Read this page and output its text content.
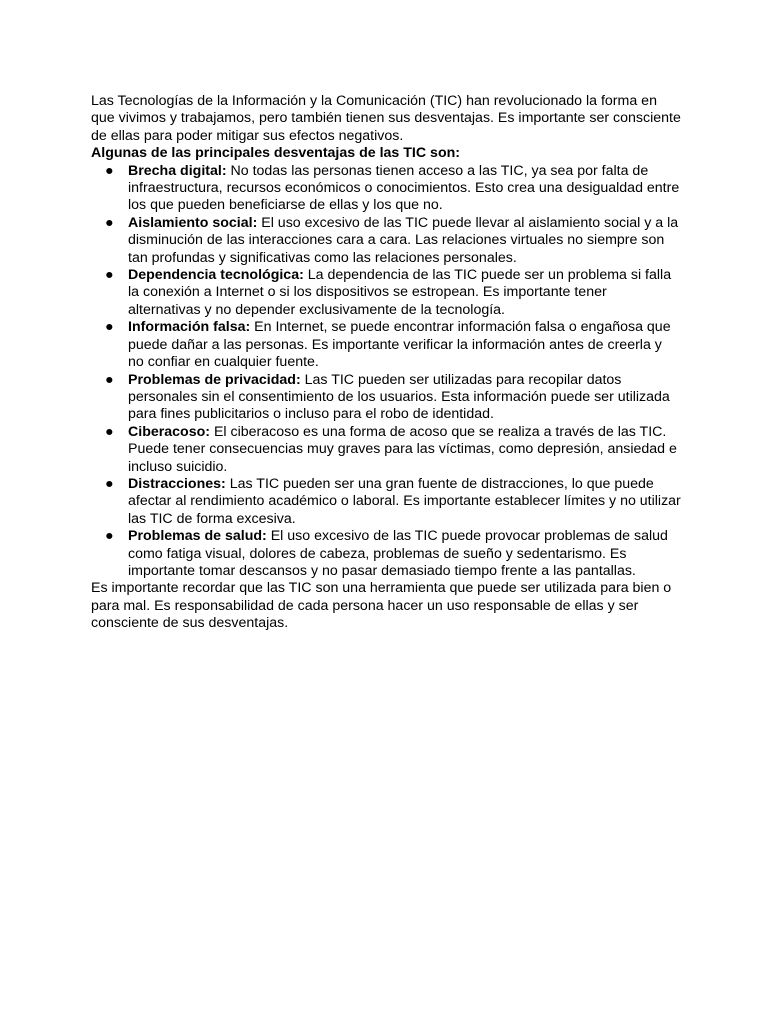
Las Tecnologías de la Información y la Comunicación (TIC) han revolucionado la forma en que vivimos y trabajamos, pero también tienen sus desventajas. Es importante ser consciente de ellas para poder mitigar sus efectos negativos.

Algunas de las principales desventajas de las TIC son:

● Brecha digital: No todas las personas tienen acceso a las TIC, ya sea por falta de infraestructura, recursos económicos o conocimientos. Esto crea una desigualdad entre los que pueden beneficiarse de ellas y los que no.
● Aislamiento social: El uso excesivo de las TIC puede llevar al aislamiento social y a la disminución de las interacciones cara a cara. Las relaciones virtuales no siempre son tan profundas y significativas como las relaciones personales.
● Dependencia tecnológica: La dependencia de las TIC puede ser un problema si falla la conexión a Internet o si los dispositivos se estropean. Es importante tener alternativas y no depender exclusivamente de la tecnología.
● Información falsa: En Internet, se puede encontrar información falsa o engañosa que puede dañar a las personas. Es importante verificar la información antes de creerla y no confiar en cualquier fuente.
● Problemas de privacidad: Las TIC pueden ser utilizadas para recopilar datos personales sin el consentimiento de los usuarios. Esta información puede ser utilizada para fines publicitarios o incluso para el robo de identidad.
● Ciberacoso: El ciberacoso es una forma de acoso que se realiza a través de las TIC. Puede tener consecuencias muy graves para las víctimas, como depresión, ansiedad e incluso suicidio.
● Distracciones: Las TIC pueden ser una gran fuente de distracciones, lo que puede afectar al rendimiento académico o laboral. Es importante establecer límites y no utilizar las TIC de forma excesiva.
● Problemas de salud: El uso excesivo de las TIC puede provocar problemas de salud como fatiga visual, dolores de cabeza, problemas de sueño y sedentarismo. Es importante tomar descansos y no pasar demasiado tiempo frente a las pantallas.

Es importante recordar que las TIC son una herramienta que puede ser utilizada para bien o para mal. Es responsabilidad de cada persona hacer un uso responsable de ellas y ser consciente de sus desventajas.
